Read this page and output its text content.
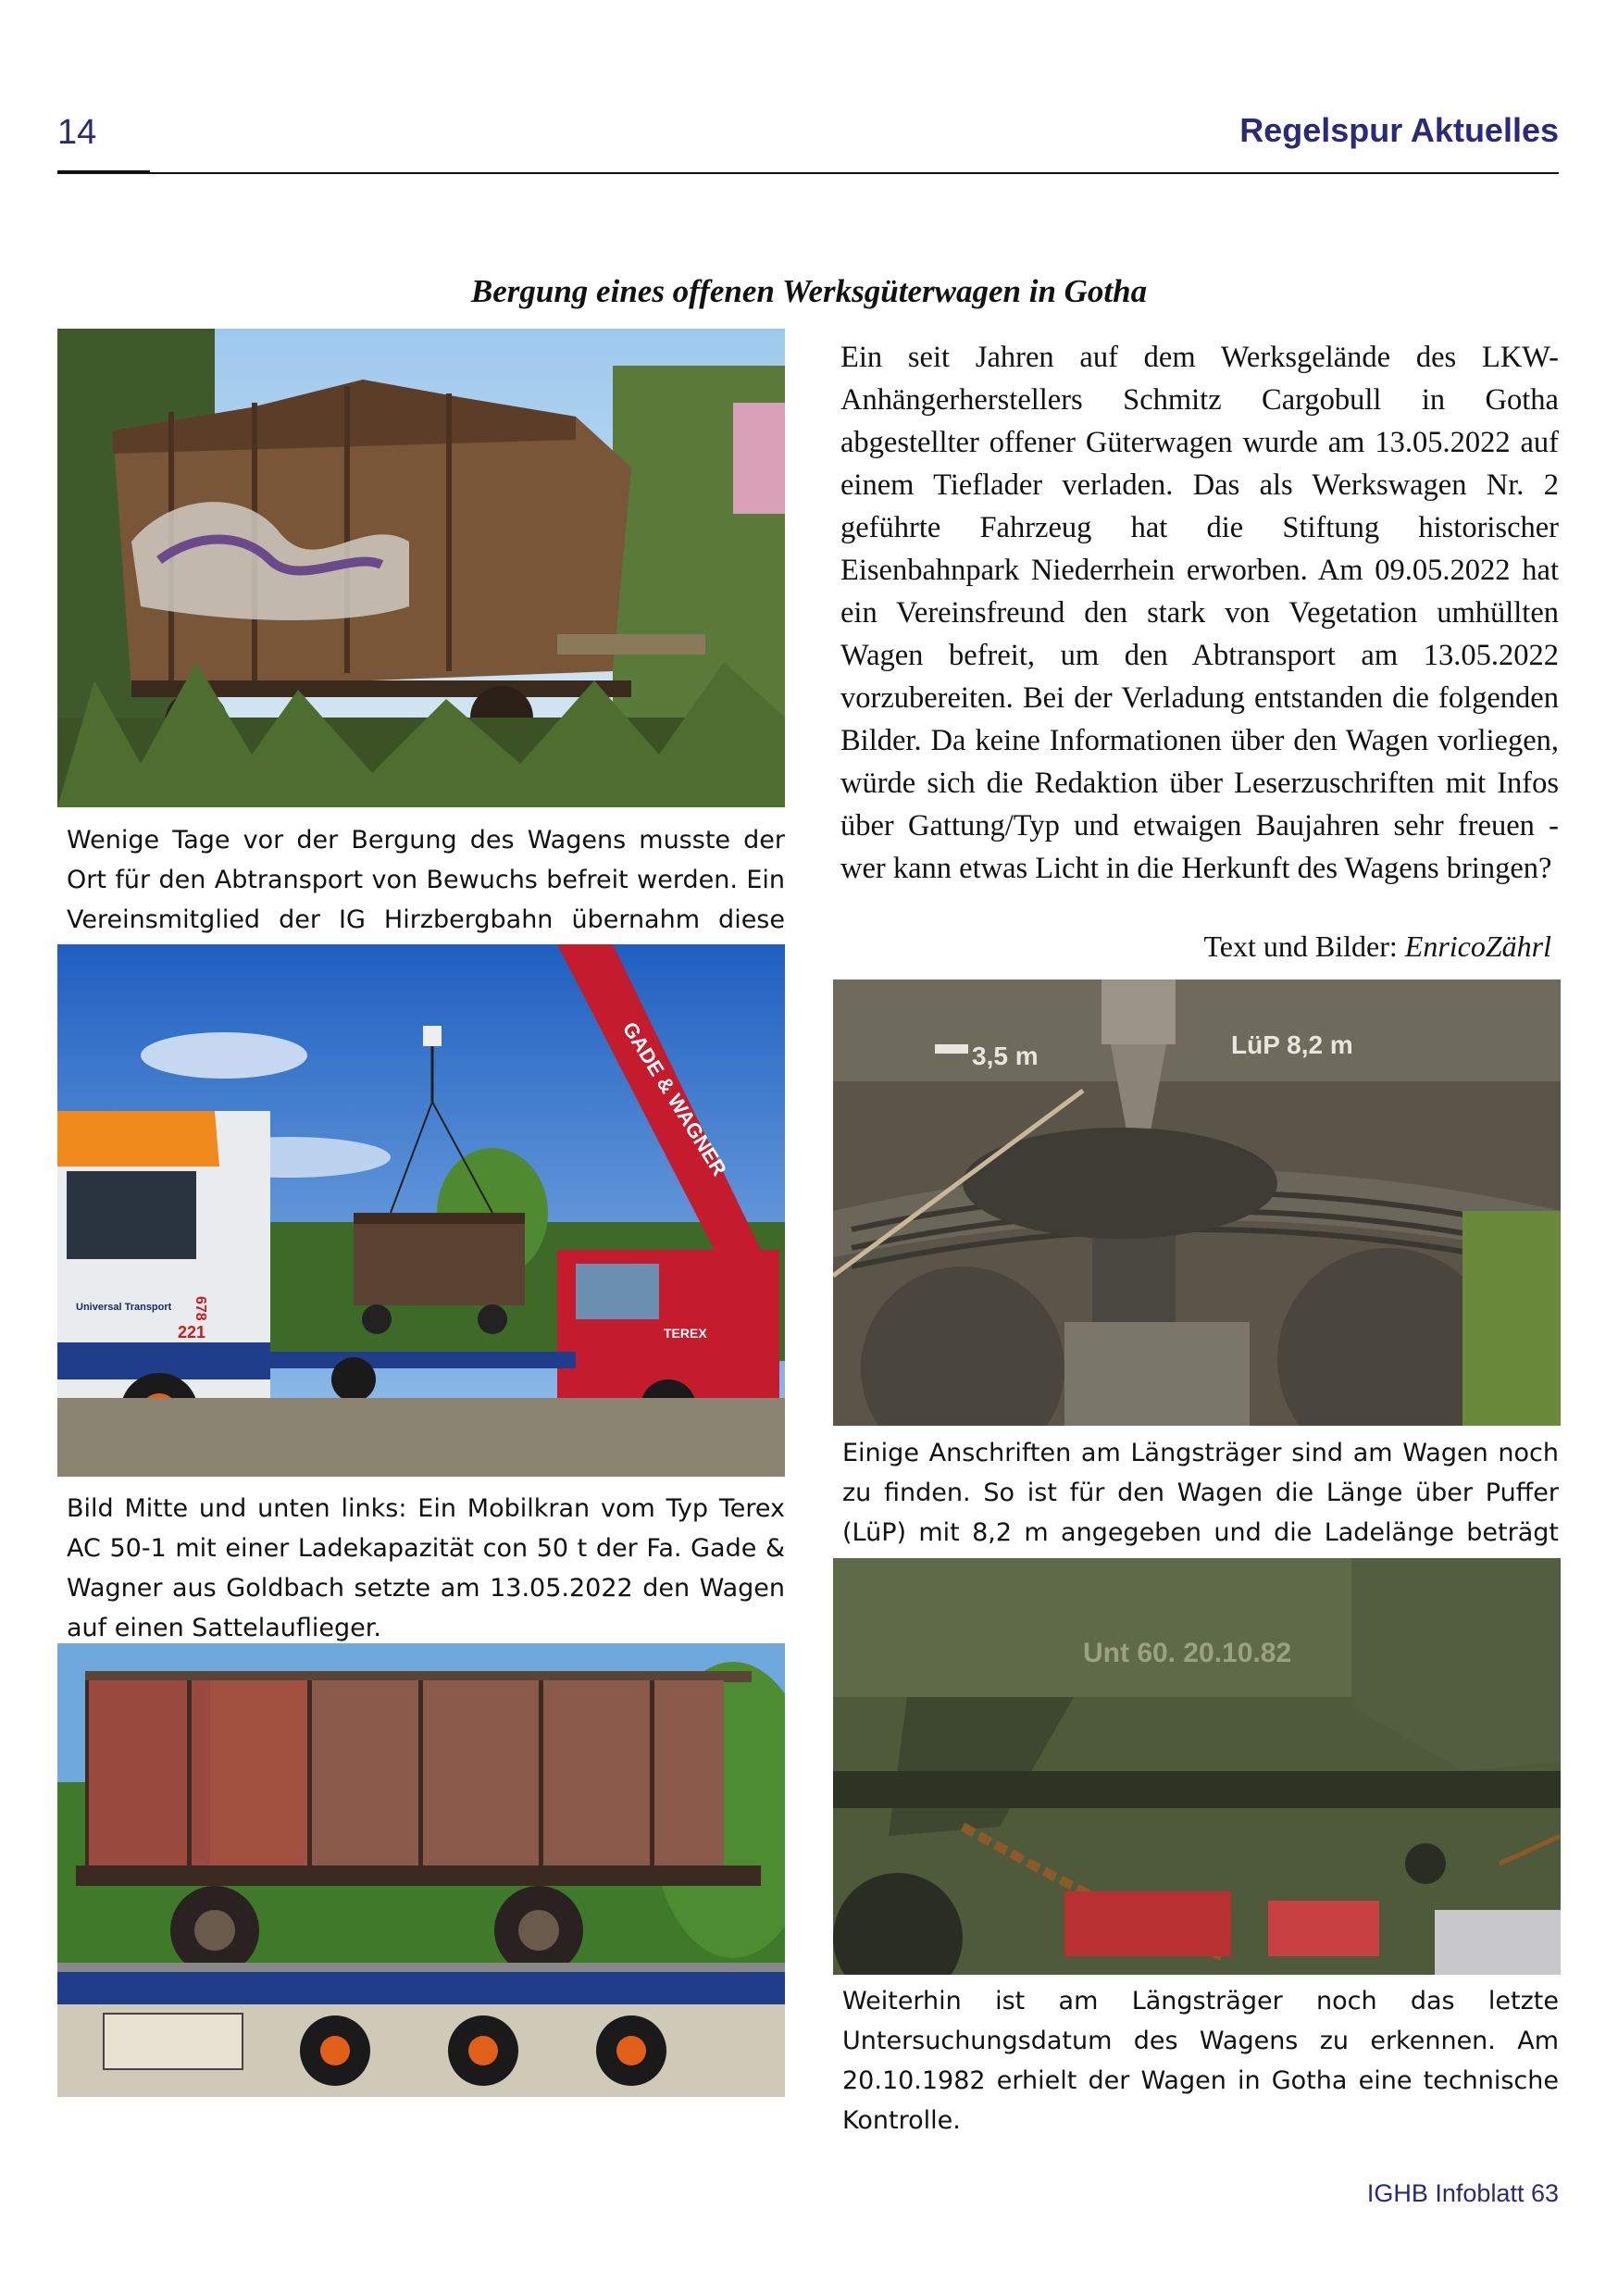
14	Regelspur Aktuelles
Bergung eines offenen Werksgüterwagen in Gotha
Wenige Tage vor der Bergung des Wagens musste der Ort für den Abtransport von Bewuchs befreit werden. Ein Vereinsmitglied der IG Hirzbergbahn übernahm diese
GADE & WAGNER
TEREX
678
221
Universal Transport
Bild Mitte und unten links: Ein Mobilkran vom Typ Terex AC 50-1 mit einer Ladekapazität con 50 t der Fa. Gade & Wagner aus Goldbach setzte am 13.05.2022 den Wagen auf einen Sattelauflieger.
Ein seit Jahren auf dem Werksgelände des LKW-Anhängerherstellers Schmitz Cargobull in Gotha abgestellter offener Güterwagen wurde am 13.05.2022 auf einem Tieflader verladen. Das als Werkswagen Nr. 2 geführte Fahrzeug hat die Stiftung historischer Eisenbahnpark Niederrhein erworben. Am 09.05.2022 hat ein Vereinsfreund den stark von Vegetation umhüllten Wagen befreit, um den Abtransport am 13.05.2022 vorzubereiten. Bei der Verladung entstanden die folgenden Bilder. Da keine Informationen über den Wagen vorliegen, würde sich die Redaktion über Leserzuschriften mit Infos über Gattung/Typ und etwaigen Baujahren sehr freuen - wer kann etwas Licht in die Herkunft des Wagens bringen?
Text und Bilder: EnricoZährl
3,5 m	LüP 8,2 m
Einige Anschriften am Längsträger sind am Wagen noch zu finden. So ist für den Wagen die Länge über Puffer (LüP) mit 8,2 m angegeben und die Ladelänge beträgt
Unt 60. 20.10.82
Weiterhin ist am Längsträger noch das letzte Untersuchungsdatum des Wagens zu erkennen. Am 20.10.1982 erhielt der Wagen in Gotha eine technische Kontrolle.
IGHB Infoblatt 63
